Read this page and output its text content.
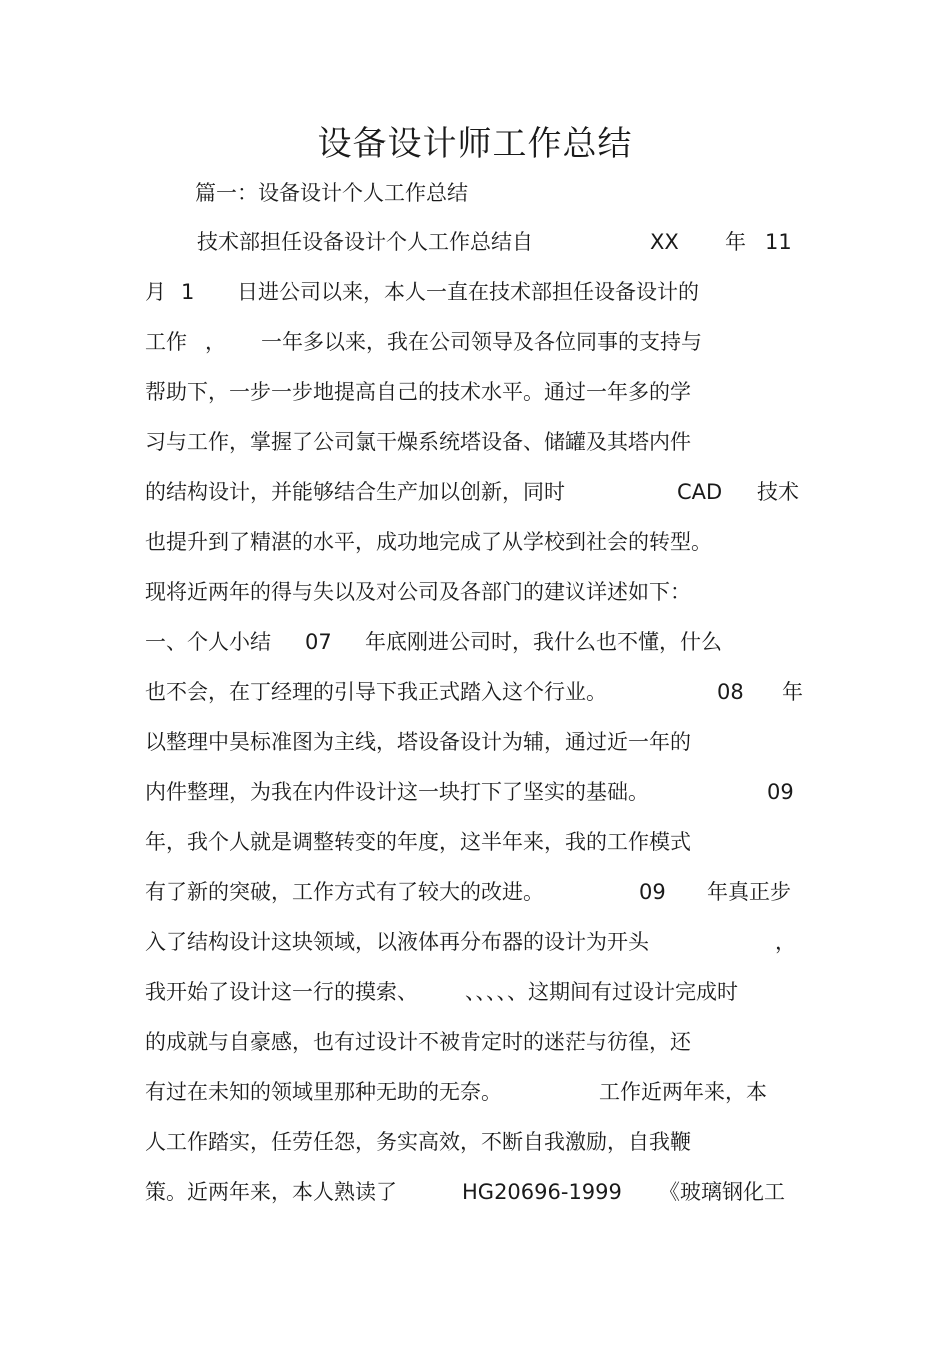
设备设计师工作总结

篇一：设备设计个人工作总结

技术部担任设备设计个人工作总结自

	XX

年

11

月

1

日进公司以来，本人一直在技术部担任设备设计的

工作

，

一年多以来，我在公司领导及各位同事的支持与

帮助下，一步一步地提高自己的技术水平。通过一年多的学

习与工作，掌握了公司氯干燥系统塔设备、储罐及其塔内件

的结构设计，并能够结合生产加以创新，同时

	CAD

技术

也提升到了精湛的水平，成功地完成了从学校到社会的转型。

现将近两年的得与失以及对公司及各部门的建议详述如下：

一、个人小结

07

年底刚进公司时，我什么也不懂，什么

也不会，在丁经理的引导下我正式踏入这个行业。

	08

年

以整理中昊标准图为主线，塔设备设计为辅，通过近一年的

内件整理，为我在内件设计这一块打下了坚实的基础。

	09

年，我个人就是调整转变的年度，这半年来，我的工作模式

有了新的突破，工作方式有了较大的改进。

	09

年真正步

入了结构设计这块领域，以液体再分布器的设计为开头

	，

我开始了设计这一行的摸索、

、、、、、这期间有过设计完成时

的成就与自豪感，也有过设计不被肯定时的迷茫与彷徨，还

有过在未知的领域里那种无助的无奈。

	工作近两年来，本

人工作踏实，任劳任怨，务实高效，不断自我激励，自我鞭

策。近两年来，本人熟读了

	HG20696-1999

《玻璃钢化工
